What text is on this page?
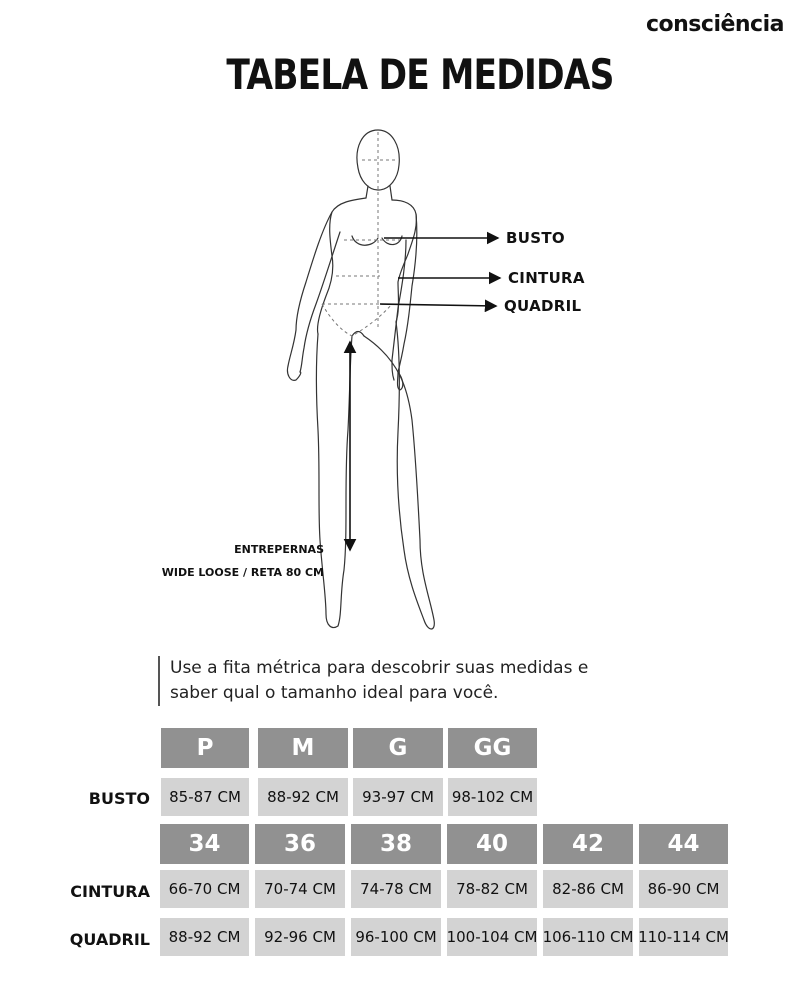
consciência
TABELA DE MEDIDAS
BUSTO
CINTURA
QUADRIL
ENTREPERNAS
WIDE LOOSE / RETA 80 CM
Use a fita métrica para descobrir suas medidas e
saber qual o tamanho ideal para você.
P	M	G	GG
BUSTO	85-87 CM	88-92 CM	93-97 CM	98-102 CM
34	36	38	40	42	44
CINTURA	66-70 CM	70-74 CM	74-78 CM	78-82 CM	82-86 CM	86-90 CM
QUADRIL	88-92 CM	92-96 CM	96-100 CM 100-104 CM 106-110 CM 110-114 CM
